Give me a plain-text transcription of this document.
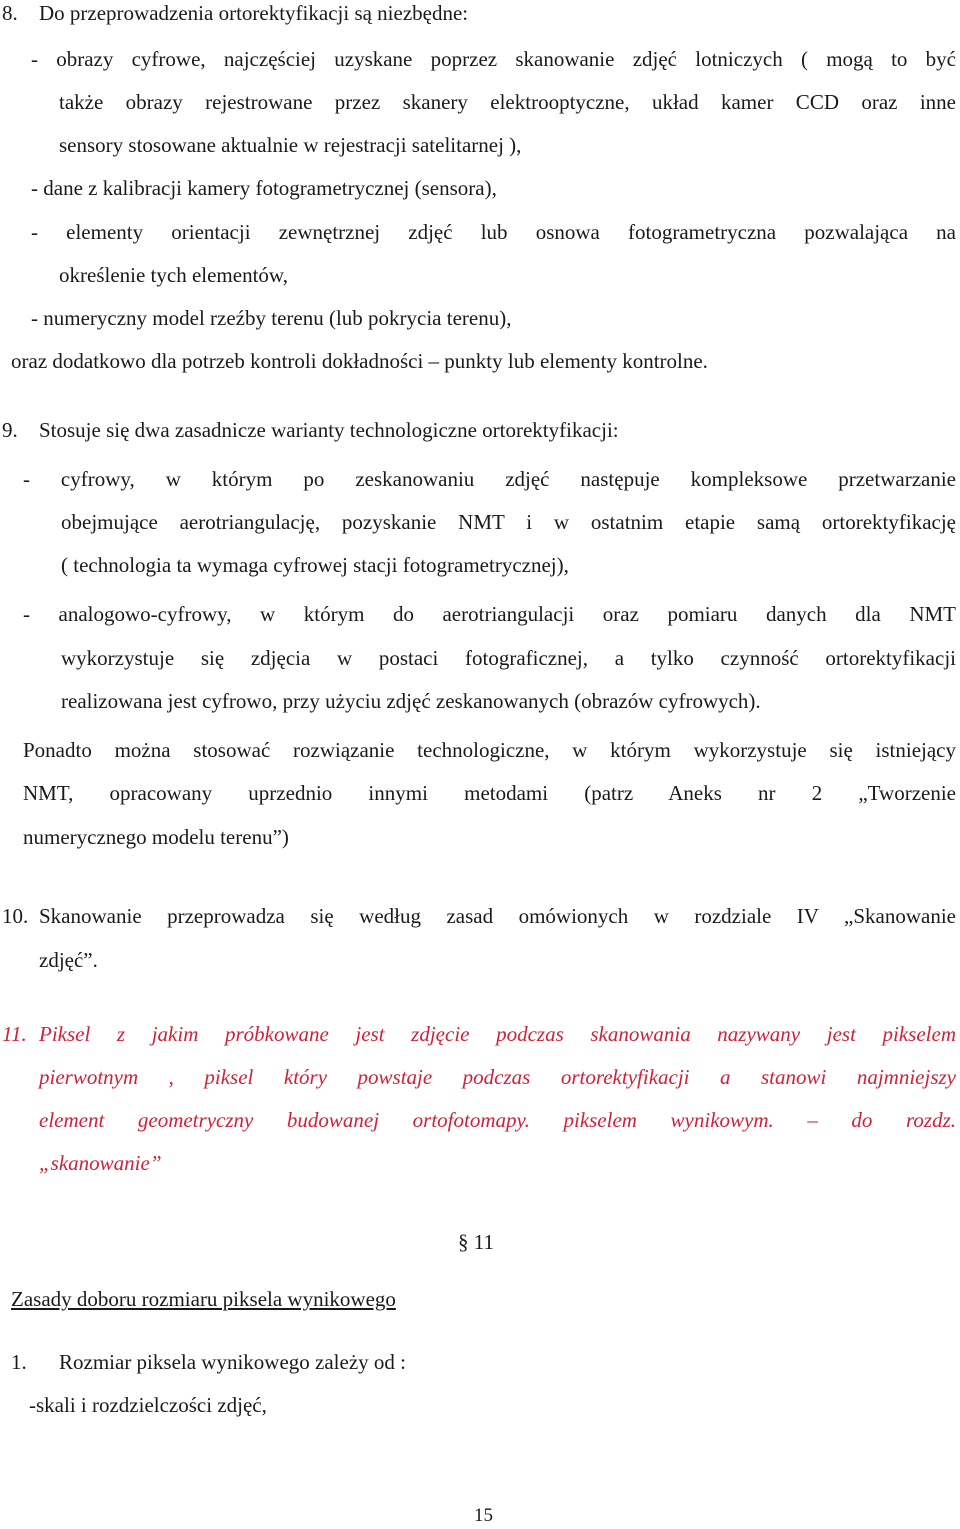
8. Do przeprowadzenia ortorektyfikacji są niezbędne:
- obrazy cyfrowe, najczęściej uzyskane poprzez skanowanie zdjęć lotniczych ( mogą to być
także obrazy rejestrowane przez skanery elektrooptyczne, układ kamer CCD oraz inne
sensory stosowane aktualnie w rejestracji satelitarnej ),
- dane z kalibracji kamery fotogrametrycznej (sensora),
- elementy orientacji zewnętrznej zdjęć lub osnowa fotogrametryczna pozwalająca na
określenie tych elementów,
- numeryczny model rzeźby terenu (lub pokrycia terenu),
oraz dodatkowo dla potrzeb kontroli dokładności – punkty lub elementy kontrolne.
9. Stosuje się dwa zasadnicze warianty technologiczne ortorektyfikacji:
- cyfrowy, w którym po zeskanowaniu zdjęć następuje kompleksowe przetwarzanie
obejmujące aerotriangulację, pozyskanie NMT i w ostatnim etapie samą ortorektyfikację
( technologia ta wymaga cyfrowej stacji fotogrametrycznej),
- analogowo-cyfrowy, w którym do aerotriangulacji oraz pomiaru danych dla NMT
wykorzystuje się zdjęcia w postaci fotograficznej, a tylko czynność ortorektyfikacji
realizowana jest cyfrowo, przy użyciu zdjęć zeskanowanych (obrazów cyfrowych).
Ponadto można stosować rozwiązanie technologiczne, w którym wykorzystuje się istniejący
NMT, opracowany uprzednio innymi metodami (patrz Aneks nr 2 „Tworzenie
numerycznego modelu terenu”)
10. Skanowanie przeprowadza się według zasad omówionych w rozdziale IV „Skanowanie
zdjęć”.
11. Piksel z jakim próbkowane jest zdjęcie podczas skanowania nazywany jest pikselem
pierwotnym , piksel który powstaje podczas ortorektyfikacji a stanowi najmniejszy
element geometryczny budowanej ortofotomapy. pikselem wynikowym. – do rozdz.
„skanowanie”
§ 11
Zasady doboru rozmiaru piksela wynikowego
1. Rozmiar piksela wynikowego zależy od :
-skali i rozdzielczości zdjęć,
15
